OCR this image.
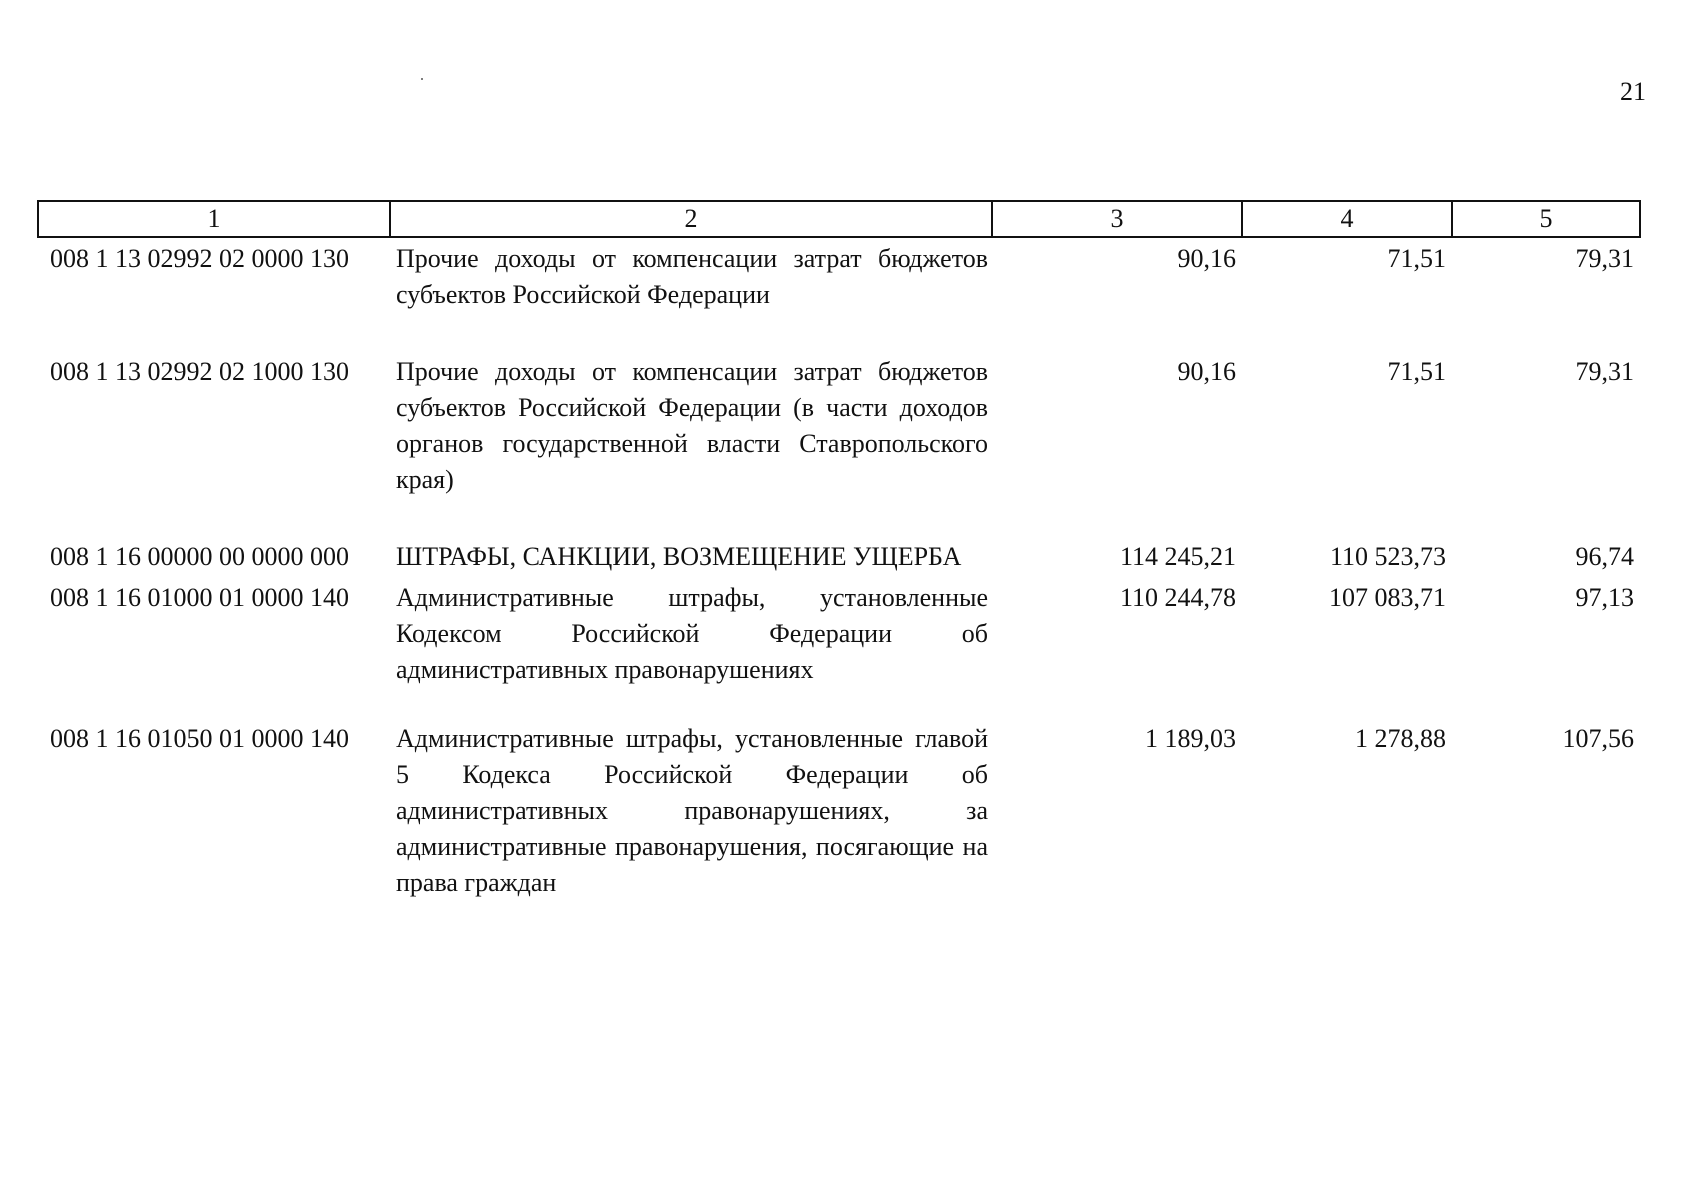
21
1	2	3	4	5
008 1 13 02992 02 0000 130	Прочие доходы от компенсации затрат бюджетов субъектов Российской Федерации	90,16	71,51	79,31
008 1 13 02992 02 1000 130	Прочие доходы от компенсации затрат бюджетов субъектов Российской Федерации (в части доходов органов государственной власти Ставропольского края)	90,16	71,51	79,31
008 1 16 00000 00 0000 000	ШТРАФЫ, САНКЦИИ, ВОЗМЕЩЕНИЕ УЩЕРБА	114 245,21	110 523,73	96,74
008 1 16 01000 01 0000 140	Административные штрафы, установленные Кодексом Российской Федерации об административных правонарушениях	110 244,78	107 083,71	97,13
008 1 16 01050 01 0000 140	Административные штрафы, установленные главой 5 Кодекса Российской Федерации об административных правонарушениях, за административные правонарушения, посягающие на права граждан	1 189,03	1 278,88	107,56
